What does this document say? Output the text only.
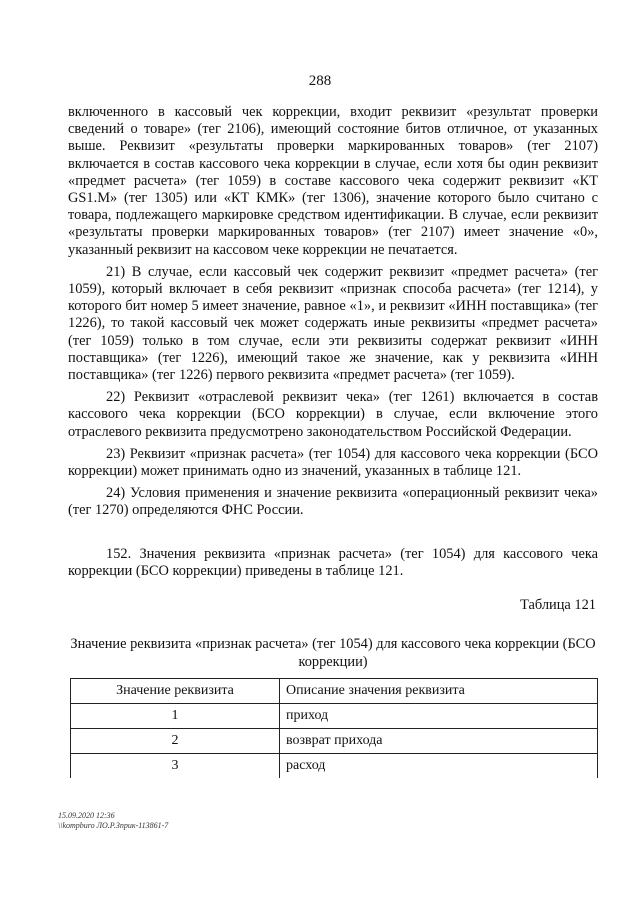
288

включенного в кассовый чек коррекции, входит реквизит «результат проверки сведений о товаре» (тег 2106), имеющий состояние битов отличное, от указанных выше. Реквизит «результаты проверки маркированных товаров» (тег 2107) включается в состав кассового чека коррекции в случае, если хотя бы один реквизит «предмет расчета» (тег 1059) в составе кассового чека содержит реквизит «КТ GS1.M» (тег 1305) или «КТ КМК» (тег 1306), значение которого было считано с товара, подлежащего маркировке средством идентификации. В случае, если реквизит «результаты проверки маркированных товаров» (тег 2107) имеет значение «0», указанный реквизит на кассовом чеке коррекции не печатается.

21) В случае, если кассовый чек содержит реквизит «предмет расчета» (тег 1059), который включает в себя реквизит «признак способа расчета» (тег 1214), у которого бит номер 5 имеет значение, равное «1», и реквизит «ИНН поставщика» (тег 1226), то такой кассовый чек может содержать иные реквизиты «предмет расчета» (тег 1059) только в том случае, если эти реквизиты содержат реквизит «ИНН поставщика» (тег 1226), имеющий такое же значение, как у реквизита «ИНН поставщика» (тег 1226) первого реквизита «предмет расчета» (тег 1059).

22) Реквизит «отраслевой реквизит чека» (тег 1261) включается в состав кассового чека коррекции (БСО коррекции) в случае, если включение этого отраслевого реквизита предусмотрено законодательством Российской Федерации.

23) Реквизит «признак расчета» (тег 1054) для кассового чека коррекции (БСО коррекции) может принимать одно из значений, указанных в таблице 121.

24) Условия применения и значение реквизита «операционный реквизит чека» (тег 1270) определяются ФНС России.

152. Значения реквизита «признак расчета» (тег 1054) для кассового чека коррекции (БСО коррекции) приведены в таблице 121.

Таблица 121
Значение реквизита «признак расчета» (тег 1054) для кассового чека коррекции (БСО коррекции)
Значение реквизита	Описание значения реквизита
1	приход
2	возврат прихода
3	расход
15.09.2020 12:36
\\kompburo ЛО.Р.Зприк-113861-7
